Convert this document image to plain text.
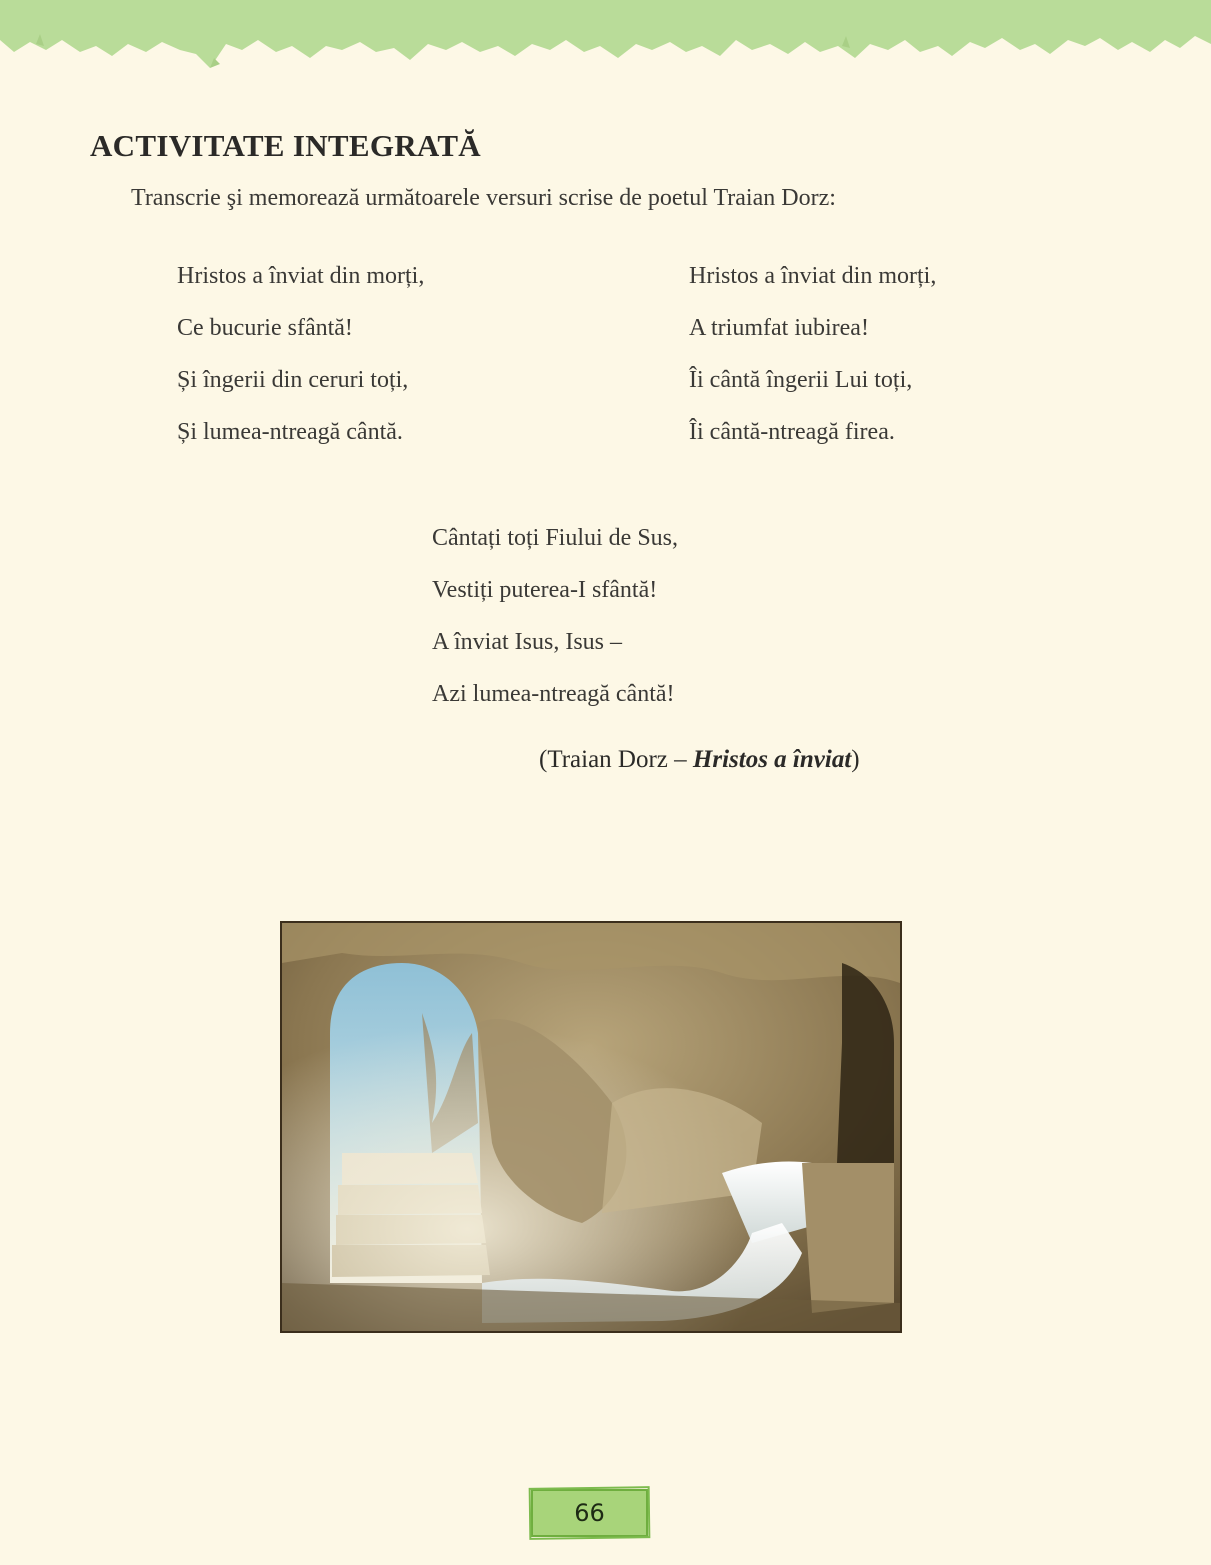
ACTIVITATE INTEGRATĂ

Transcrie şi memorează următoarele versuri scrise de poetul Traian Dorz:

Hristos a înviat din morți,
Ce bucurie sfântă!
Și îngerii din ceruri toți,
Și lumea-ntreagă cântă.
Hristos a înviat din morți,
A triumfat iubirea!
Îi cântă îngerii Lui toți,
Îi cântă-ntreagă firea.
Cântați toți Fiului de Sus,
Vestiți puterea-I sfântă!
A înviat Isus, Isus –
Azi lumea-ntreagă cântă!
(Traian Dorz – Hristos a înviat)
66
